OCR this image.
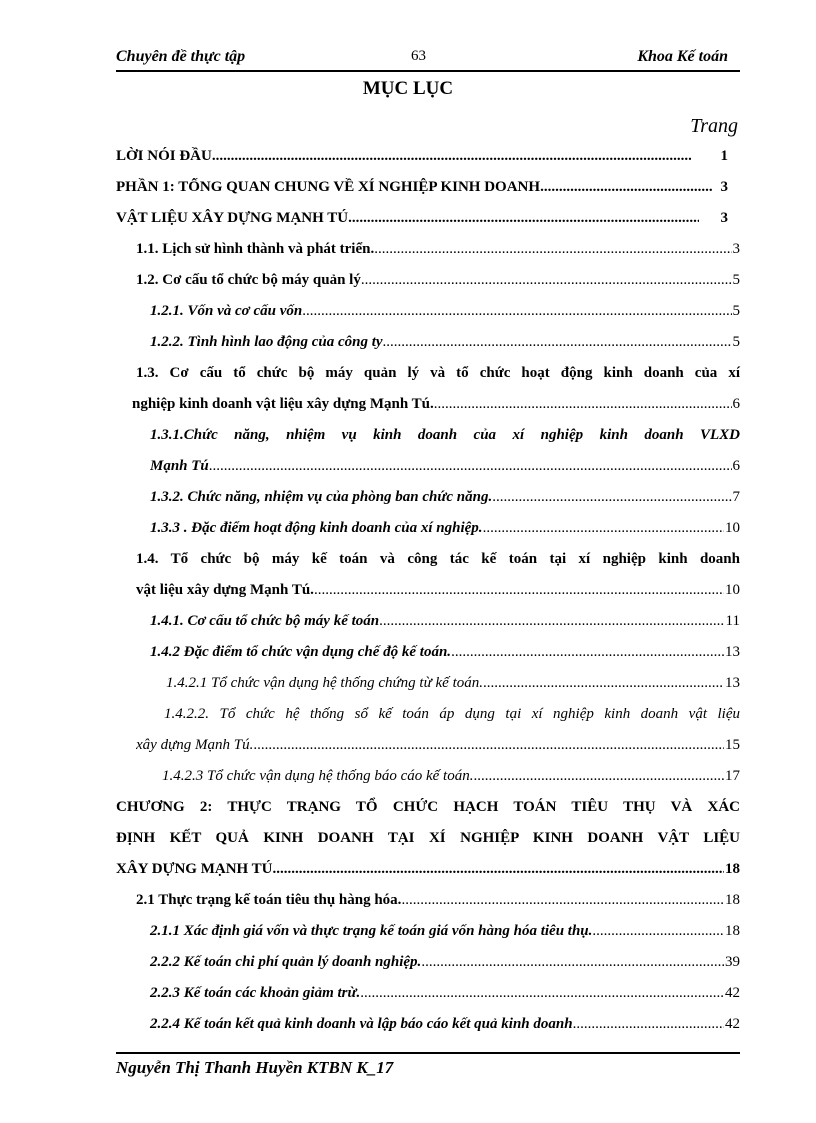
Chuyên đề thực tập	63	Khoa Kế toán
MỤC LỤC
Trang
LỜI NÓI ĐẦU .....	1
PHẦN 1: TỔNG QUAN CHUNG VỀ XÍ NGHIỆP KINH DOANH .....	3
VẬT LIỆU XÂY DỰNG MẠNH TÚ .....	3
1.1. Lịch sử hình thành và phát triển. .....	3
1.2. Cơ cấu tổ chức bộ máy quản lý .....	5
1.2.1. Vốn và cơ cấu vốn .....	5
1.2.2. Tình hình lao động của công ty .....	5
1.3. Cơ cấu tổ chức bộ máy quản lý và tổ chức hoạt động kinh doanh của xí
nghiệp kinh doanh vật liệu xây dựng Mạnh Tú. .....	6
1.3.1.Chức năng, nhiệm vụ kinh doanh của xí nghiệp kinh doanh VLXD
Mạnh Tú .....	6
1.3.2. Chức năng, nhiệm vụ của phòng ban chức năng. .....	7
1.3.3 . Đặc điểm hoạt động kinh doanh của xí nghiệp. .....	10
1.4. Tổ chức bộ máy kế toán và công tác kế toán tại xí nghiệp kinh doanh
vật liệu xây dựng Mạnh Tú. .....	10
1.4.1. Cơ cấu tổ chức bộ máy kế toán .....	11
1.4.2 Đặc điểm tổ chức vận dụng chế độ kế toán. .....	13
1.4.2.1 Tổ chức vận dụng hệ thống chứng từ kế toán. .....	13
1.4.2.2. Tổ chức hệ thống sổ kế toán áp dụng tại xí nghiệp kinh doanh vật liệu
xây dựng Mạnh Tú. .....	15
1.4.2.3 Tổ chức vận dụng hệ thống báo cáo kế toán. .....	17
CHƯƠNG 2: THỰC TRẠNG TỔ CHỨC HẠCH TOÁN TIÊU THỤ VÀ XÁC
ĐỊNH KẾT QUẢ KINH DOANH TẠI XÍ NGHIỆP KINH DOANH VẬT LIỆU
XÂY DỰNG MẠNH TÚ .....	18
2.1 Thực trạng kế toán tiêu thụ hàng hóa. .....	18
2.1.1 Xác định giá vốn và thực trạng kế toán giá vốn hàng hóa tiêu thụ. .....	18
2.2.2 Kế toán chi phí quản lý doanh nghiệp. .....	39
2.2.3 Kế toán các khoản giảm trừ. .....	42
2.2.4 Kế toán kết quả kinh doanh và lập báo cáo kết quả kinh doanh .....	42
Nguyễn Thị Thanh Huyền KTBN K_17
